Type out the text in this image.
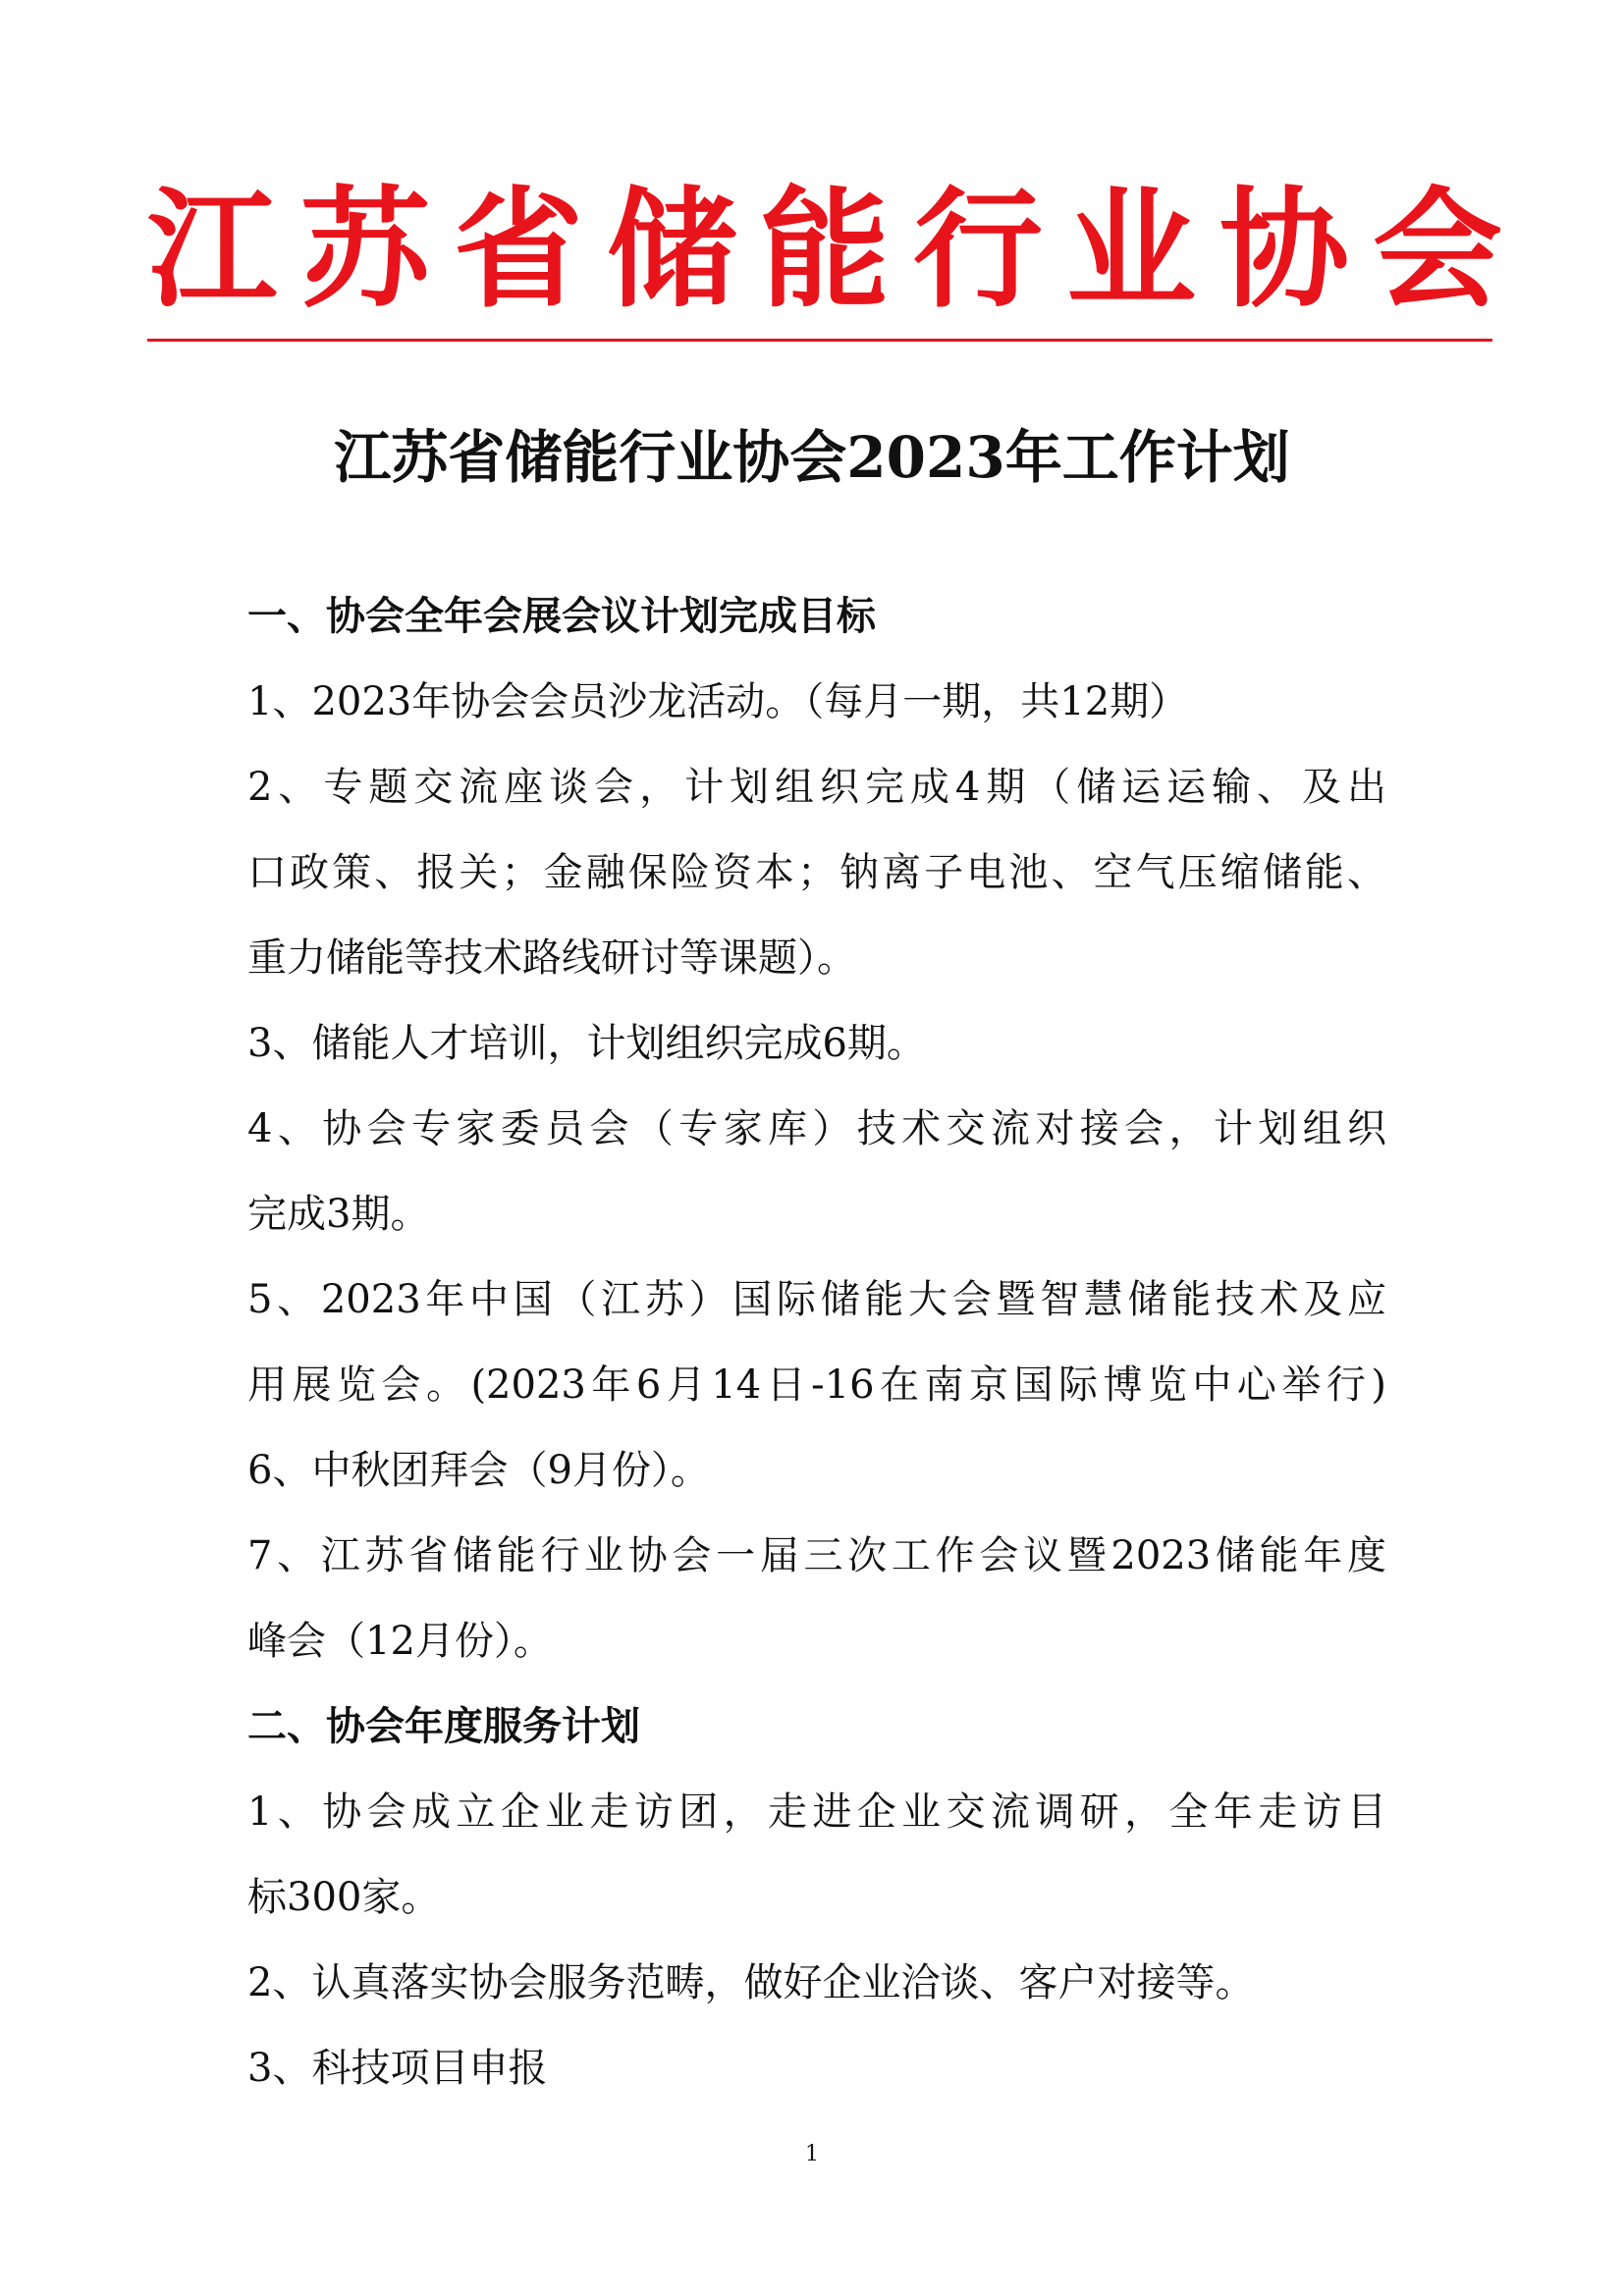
江 苏 省 储 能 行 业 协 会
江苏省储能行业协会2023年工作计划
一、协会全年会展会议计划完成目标
1、2023年协会会员沙龙活动。（每月一期，共12期）
2、专题交流座谈会，计划组织完成4期（储运运输、及出
口政策、报关；金融保险资本；钠离子电池、空气压缩储能、
重力储能等技术路线研讨等课题）。
3、储能人才培训，计划组织完成6期。
4、协会专家委员会（专家库）技术交流对接会，计划组织
完成3期。
5、2023年中国（江苏）国际储能大会暨智慧储能技术及应
用展览会。(2023年6月14日-16在南京国际博览中心举行)
6、中秋团拜会（9月份）。
7、江苏省储能行业协会一届三次工作会议暨2023储能年度
峰会（12月份）。
二、协会年度服务计划
1、协会成立企业走访团，走进企业交流调研，全年走访目
标300家。
2、认真落实协会服务范畴，做好企业洽谈、客户对接等。
3、科技项目申报
1
